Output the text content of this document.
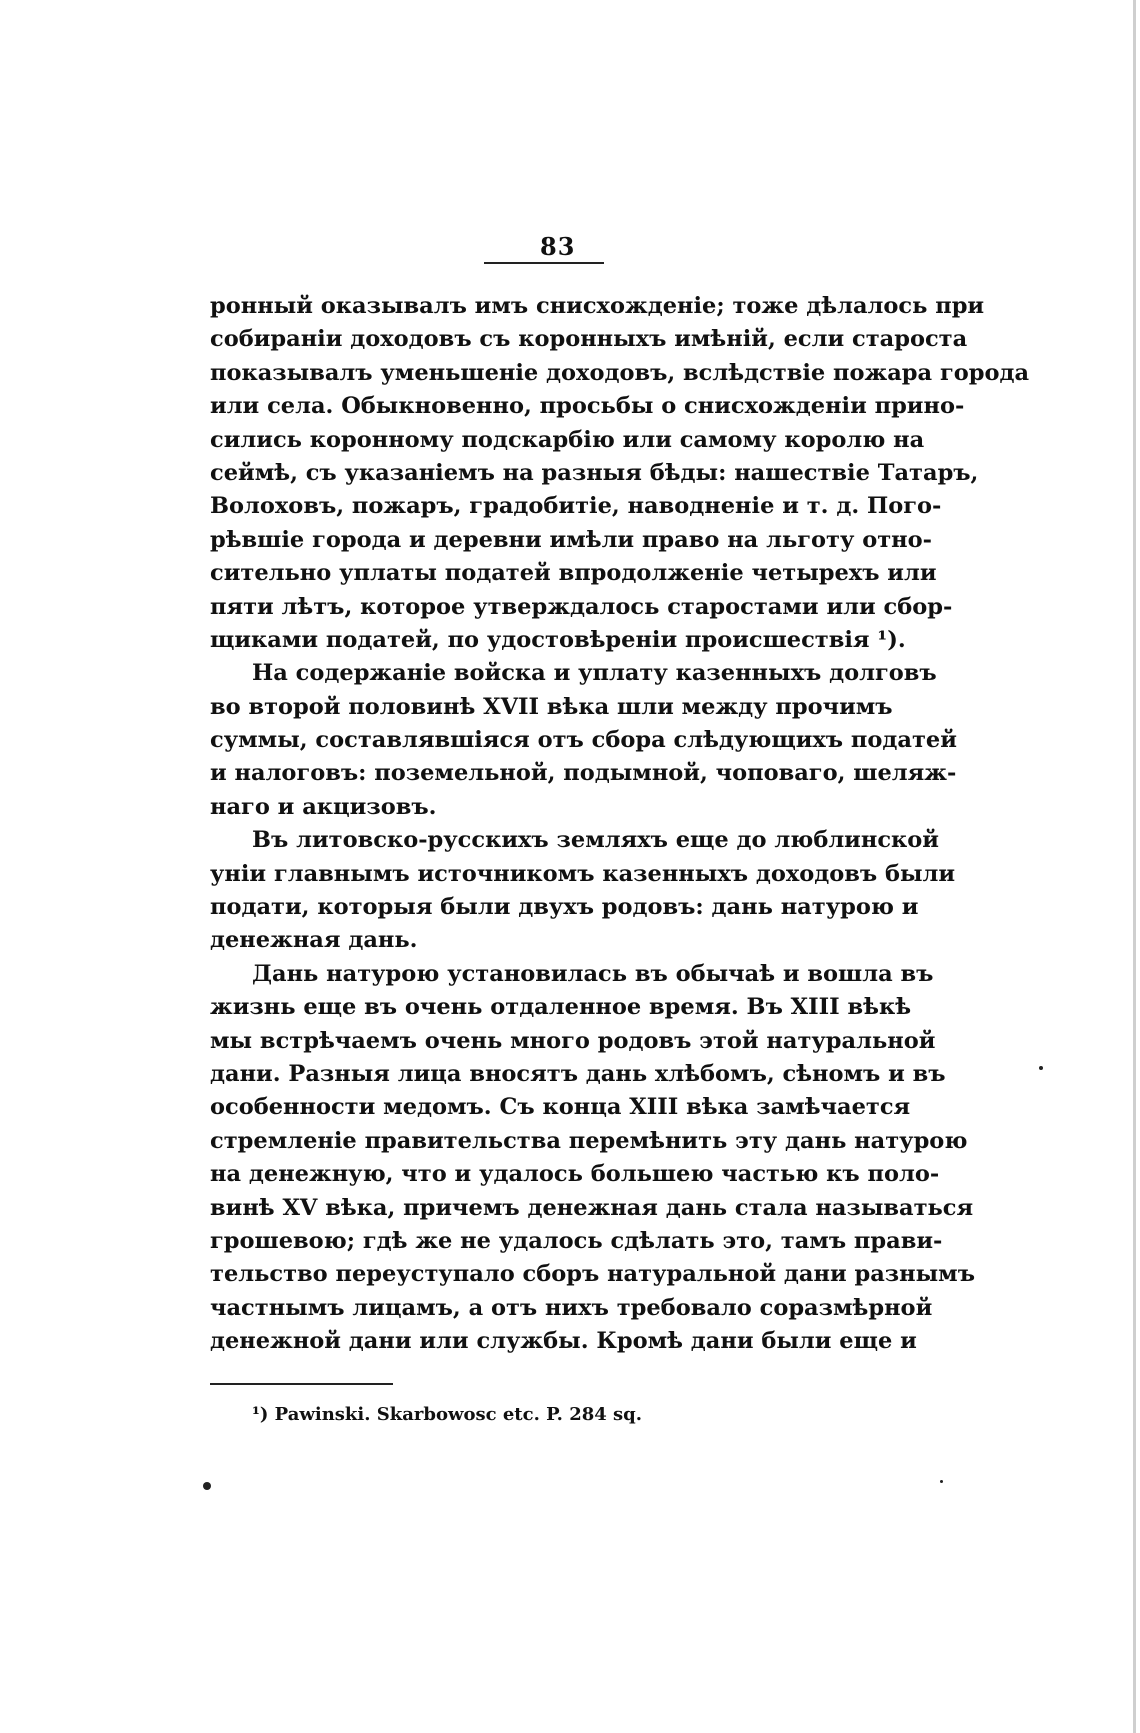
83
ронный оказывалъ имъ снисхожденіе; тоже дѣлалось при
собираніи доходовъ съ коронныхъ имѣній, если староста
показывалъ уменьшеніе доходовъ, вслѣдствіе пожара города
или села. Обыкновенно, просьбы о снисхожденіи прино-
сились коронному подскарбію или самому королю на
сеймѣ, съ указаніемъ на разныя бѣды: нашествіе Татаръ,
Волоховъ, пожаръ, градобитіе, наводненіе и т. д. Пого-
рѣвшіе города и деревни имѣли право на льготу отно-
сительно уплаты податей впродолженіе четырехъ или
пяти лѣтъ, которое утверждалось старостами или сбор-
щиками податей, по удостовѣреніи происшествія ¹).
На содержаніе войска и уплату казенныхъ долговъ
во второй половинѣ XVII вѣка шли между прочимъ
суммы, составлявшіяся отъ сбора слѣдующихъ податей
и налоговъ: поземельной, подымной, чоповаго, шеляж-
наго и акцизовъ.
Въ литовско-русскихъ земляхъ еще до люблинской
уніи главнымъ источникомъ казенныхъ доходовъ были
подати, которыя были двухъ родовъ: дань натурою и
денежная дань.
Дань натурою установилась въ обычаѣ и вошла въ
жизнь еще въ очень отдаленное время. Въ XIII вѣкѣ
мы встрѣчаемъ очень много родовъ этой натуральной
дани. Разныя лица вносятъ дань хлѣбомъ, сѣномъ и въ
особенности медомъ. Съ конца XIII вѣка замѣчается
стремленіе правительства перемѣнить эту дань натурою
на денежную, что и удалось большею частью къ поло-
винѣ XV вѣка, причемъ денежная дань стала называться
грошевою; гдѣ же не удалось сдѣлать это, тамъ прави-
тельство переуступало сборъ натуральной дани разнымъ
частнымъ лицамъ, а отъ нихъ требовало соразмѣрной
денежной дани или службы. Кромѣ дани были еще и
¹) Pawinski. Skarbowosc etc. P. 284 sq.
